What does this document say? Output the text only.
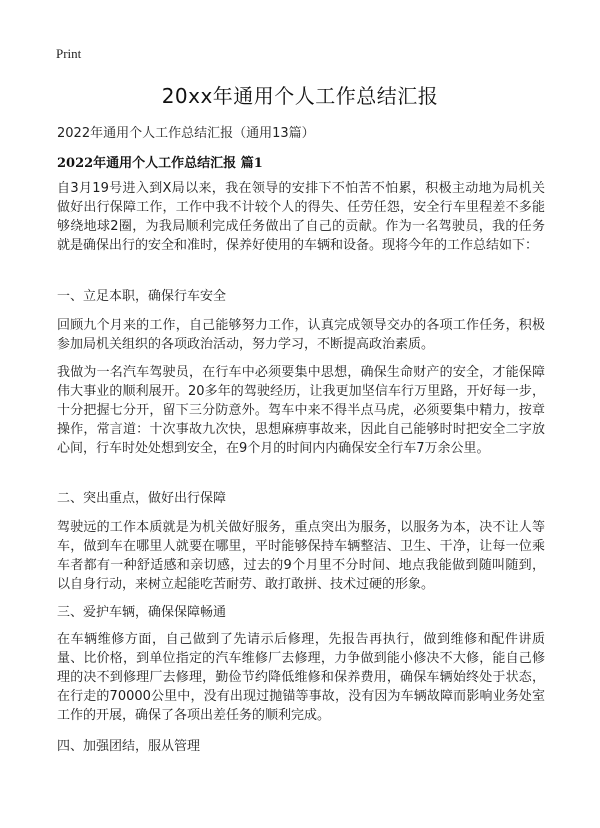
Print
20xx年通用个人工作总结汇报
2022年通用个人工作总结汇报（通用13篇）
2022年通用个人工作总结汇报 篇1
自3月19号进入到X局以来，我在领导的安排下不怕苦不怕累，积极主动地为局机关做好出行保障工作，工作中我不计较个人的得失、任劳任怨，安全行车里程差不多能够绕地球2圈，为我局顺利完成任务做出了自己的贡献。作为一名驾驶员，我的任务就是确保出行的安全和准时，保养好使用的车辆和设备。现将今年的工作总结如下：
一、立足本职，确保行车安全
回顾九个月来的工作，自己能够努力工作，认真完成领导交办的各项工作任务，积极参加局机关组织的各项政治活动，努力学习，不断提高政治素质。
我做为一名汽车驾驶员，在行车中必须要集中思想，确保生命财产的安全，才能保障伟大事业的顺利展开。20多年的驾驶经历，让我更加坚信车行万里路，开好每一步，十分把握七分开，留下三分防意外。驾车中来不得半点马虎，必须要集中精力，按章操作，常言道：十次事故九次快，思想麻痹事故来，因此自己能够时时把安全二字放心间，行车时处处想到安全，在9个月的时间内内确保安全行车7万余公里。
二、突出重点，做好出行保障
驾驶远的工作本质就是为机关做好服务，重点突出为服务，以服务为本，决不让人等车，做到车在哪里人就要在哪里，平时能够保持车辆整洁、卫生、干净，让每一位乘车者都有一种舒适感和亲切感，过去的9个月里不分时间、地点我能做到随叫随到，以自身行动，来树立起能吃苦耐劳、敢打敢拼、技术过硬的形象。
三、爱护车辆，确保保障畅通
在车辆维修方面，自己做到了先请示后修理，先报告再执行，做到维修和配件讲质量、比价格，到单位指定的汽车维修厂去修理，力争做到能小修决不大修，能自己修理的决不到修理厂去修理，勤俭节约降低维修和保养费用，确保车辆始终处于状态，在行走的70000公里中，没有出现过抛锚等事故，没有因为车辆故障而影响业务处室工作的开展，确保了各项出差任务的顺利完成。
四、加强团结，服从管理
